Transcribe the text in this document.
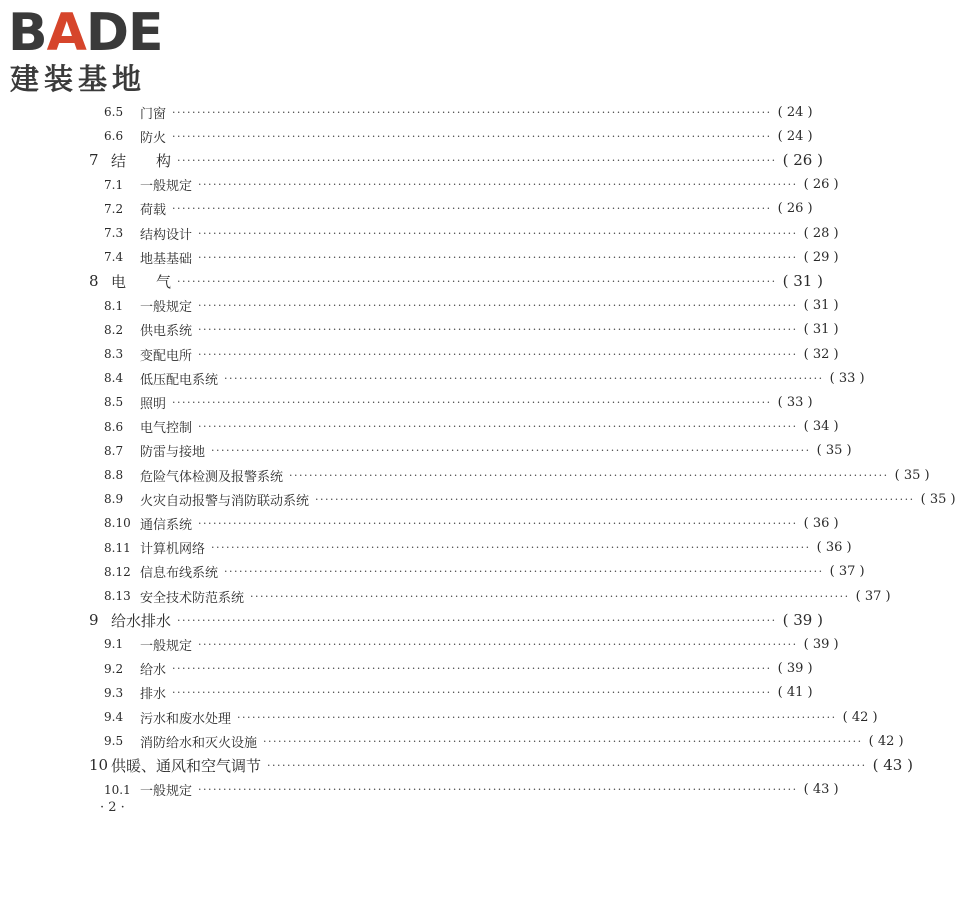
BADE
建装基地
6.5	门窗 ························································································································ ( 24 )
6.6	防火 ························································································································ ( 24 )
7 结　　构 ························································································································ ( 26 )
7.1	一般规定 ························································································································ ( 26 )
7.2	荷载 ························································································································ ( 26 )
7.3	结构设计 ························································································································ ( 28 )
7.4	地基基础 ························································································································ ( 29 )
8 电　　气 ························································································································ ( 31 )
8.1	一般规定 ························································································································ ( 31 )
8.2	供电系统 ························································································································ ( 31 )
8.3	变配电所 ························································································································ ( 32 )
8.4	低压配电系统 ························································································································ ( 33 )
8.5	照明 ························································································································ ( 33 )
8.6	电气控制 ························································································································ ( 34 )
8.7	防雷与接地 ························································································································ ( 35 )
8.8	危险气体检测及报警系统 ························································································································ ( 35 )
8.9	火灾自动报警与消防联动系统 ························································································································ ( 35 )
8.10 通信系统 ························································································································ ( 36 )
8.11 计算机网络 ························································································································ ( 36 )
8.12 信息布线系统 ························································································································ ( 37 )
8.13 安全技术防范系统 ························································································································ ( 37 )
9 给水排水 ························································································································ ( 39 )
9.1	一般规定 ························································································································ ( 39 )
9.2	给水 ························································································································ ( 39 )
9.3	排水 ························································································································ ( 41 )
9.4	污水和废水处理 ························································································································ ( 42 )
9.5	消防给水和灭火设施 ························································································································ ( 42 )
10 供暖、通风和空气调节 ························································································································ ( 43 )
10.1 一般规定 ························································································································ ( 43 )
· 2 ·
